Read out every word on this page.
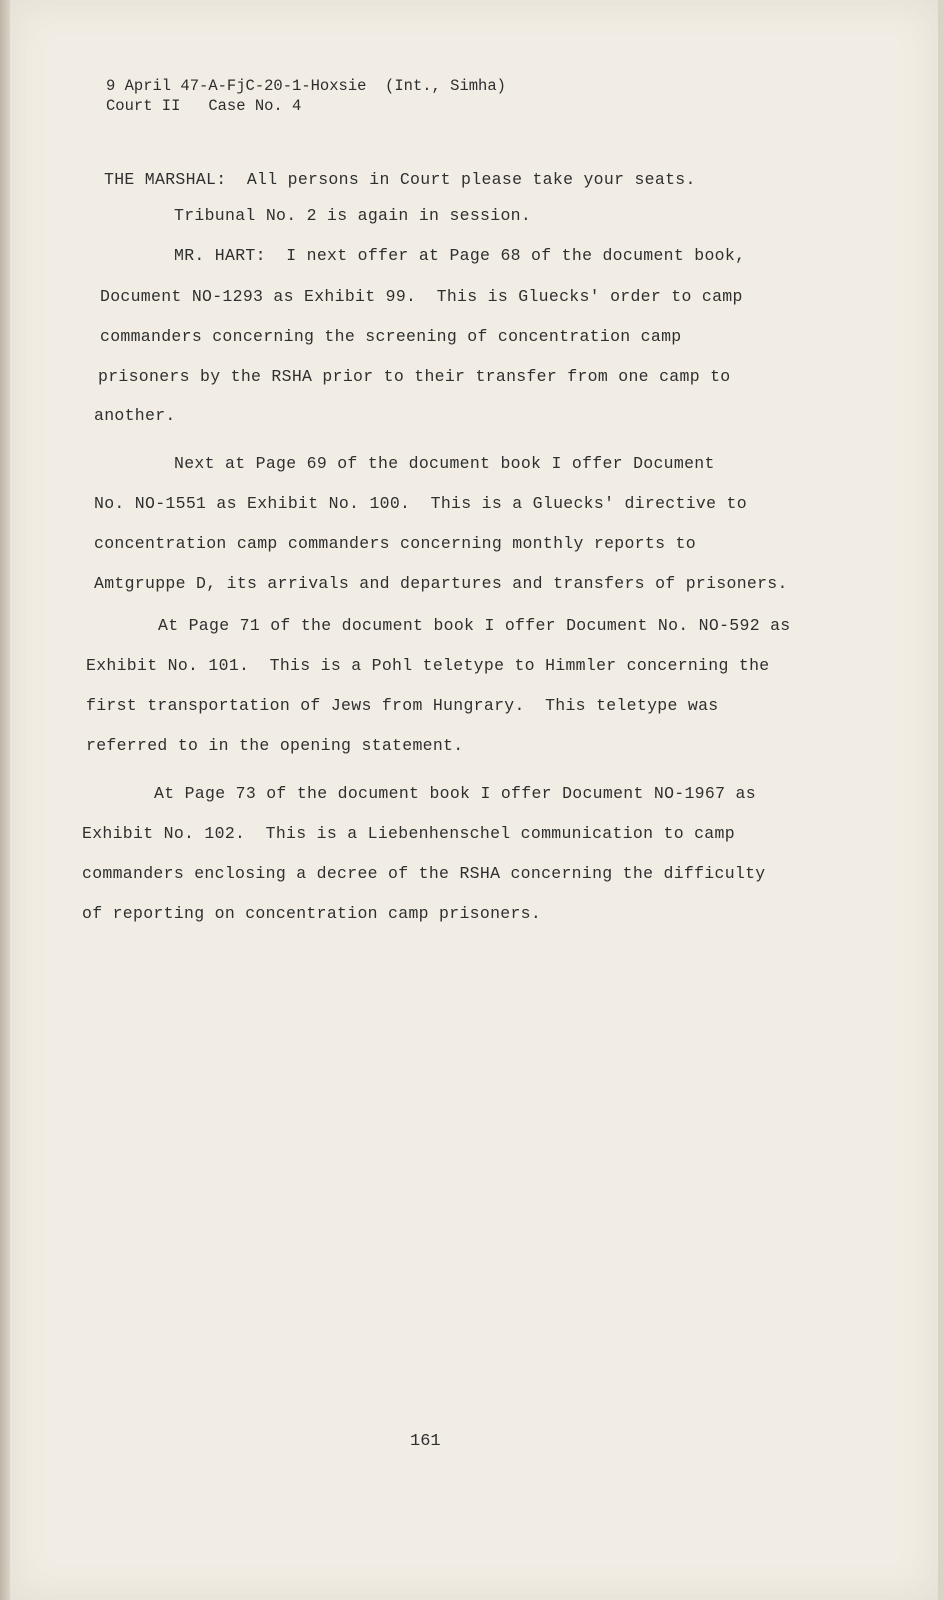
9 April 47-A-FjC-20-1-Hoxsie  (Int., Simha)
Court II   Case No. 4
THE MARSHAL:  All persons in Court please take your seats.
Tribunal No. 2 is again in session.
MR. HART:  I next offer at Page 68 of the document book,
Document NO-1293 as Exhibit 99.  This is Gluecks' order to camp
commanders concerning the screening of concentration camp
prisoners by the RSHA prior to their transfer from one camp to
another.
Next at Page 69 of the document book I offer Document
No. NO-1551 as Exhibit No. 100.  This is a Gluecks' directive to
concentration camp commanders concerning monthly reports to
Amtgruppe D, its arrivals and departures and transfers of prisoners.
At Page 71 of the document book I offer Document No. NO-592 as
Exhibit No. 101.  This is a Pohl teletype to Himmler concerning the
first transportation of Jews from Hungrary.  This teletype was
referred to in the opening statement.
At Page 73 of the document book I offer Document NO-1967 as
Exhibit No. 102.  This is a Liebenhenschel communication to camp
commanders enclosing a decree of the RSHA concerning the difficulty
of reporting on concentration camp prisoners.
161
